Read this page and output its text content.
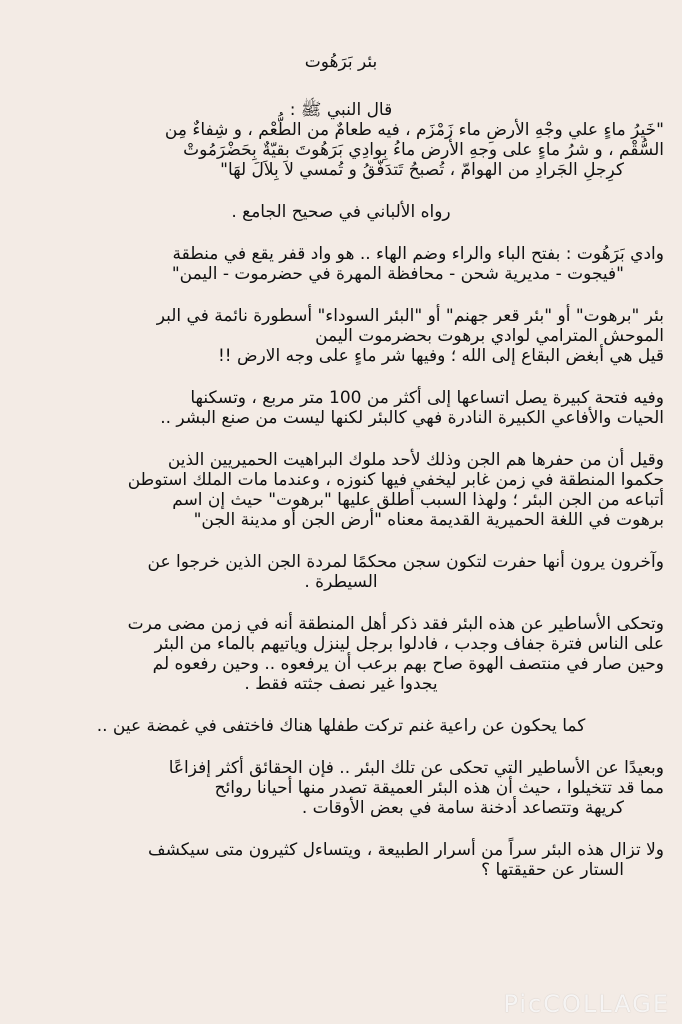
بئر بَرَهُوت
قال النبي ﷺ :
"خَيرُ ماءٍ علي وجْهِ الأرضِ ماء زَمْزَم ، فيه طعامٌ من الطُّعْم ، و شِفاءٌ مِن
السُّقْم ، و شرُ ماءٍ على وجهِ الأرض ماءُ بِوادِي بَرَهُوتَ بقيّةٌ بِحَضْرَمُوتْ
كرِجلِ الجَرادِ من الهوامّ ، تُصبحُ تَتدَفّقُ و تُمسي لاَ بِلاَلَ لهَا"
رواه الألباني في صحيح الجامع .
وادي بَرَهُوت : بفتح الباء والراء وضم الهاء .. هو واد قفر يقع في منطقة
"فيجوت - مديرية شحن - محافظة المهرة في حضرموت - اليمن"
بئر "برهوت" أو "بئر قعر جهنم" أو "البئر السوداء" أسطورة نائمة في البر
الموحش المترامي لوادي برهوت بحضرموت اليمن
قيل هي أبغض البقاع إلى الله ؛ وفيها شر ماءٍ على وجه الارض !!
وفيه فتحة كبيرة يصل اتساعها إلى أكثر من 100 متر مربع ، وتسكنها
الحيات والأفاعي الكبيرة النادرة فهي كالبئر لكنها ليست من صنع البشر ..
وقيل أن من حفرها هم الجن وذلك لأحد ملوك البراهيت الحميريين الذين
حكموا المنطقة في زمن غابر ليخفي فيها كنوزه ، وعندما مات الملك استوطن
أتباعه من الجن البئر ؛ ولهذا السبب أطلق عليها "برهوت" حيث إن اسم
برهوت في اللغة الحميرية القديمة معناه "أرض الجن أو مدينة الجن"
وآخرون يرون أنها حفرت لتكون سجن محكمًا لمردة الجن الذين خرجوا عن
السيطرة .
وتحكى الأساطير عن هذه البئر فقد ذكر أهل المنطقة أنه في زمن مضى مرت
على الناس فترة جفاف وجدب ، فادلوا برجل لينزل وياتيهم بالماء من البئر
وحين صار في منتصف الهوة صاح بهم برعب أن يرفعوه .. وحين رفعوه لم
يجدوا غير نصف جثته فقط .
كما يحكون عن راعية غنم تركت طفلها هناك فاختفى في غمضة عين ..
وبعيدًا عن الأساطير التي تحكى عن تلك البئر .. فإن الحقائق أكثر إفزاعًا
مما قد تتخيلوا ، حيث أن هذه البئر العميقة تصدر منها أحيانا روائح
كريهة وتتصاعد أدخنة سامة في بعض الأوقات .
ولا تزال هذه البئر سراً من أسرار الطبيعة ، ويتساءل كثيرون متى سيكشف
الستار عن حقيقتها ؟
PicCOLLAGE
